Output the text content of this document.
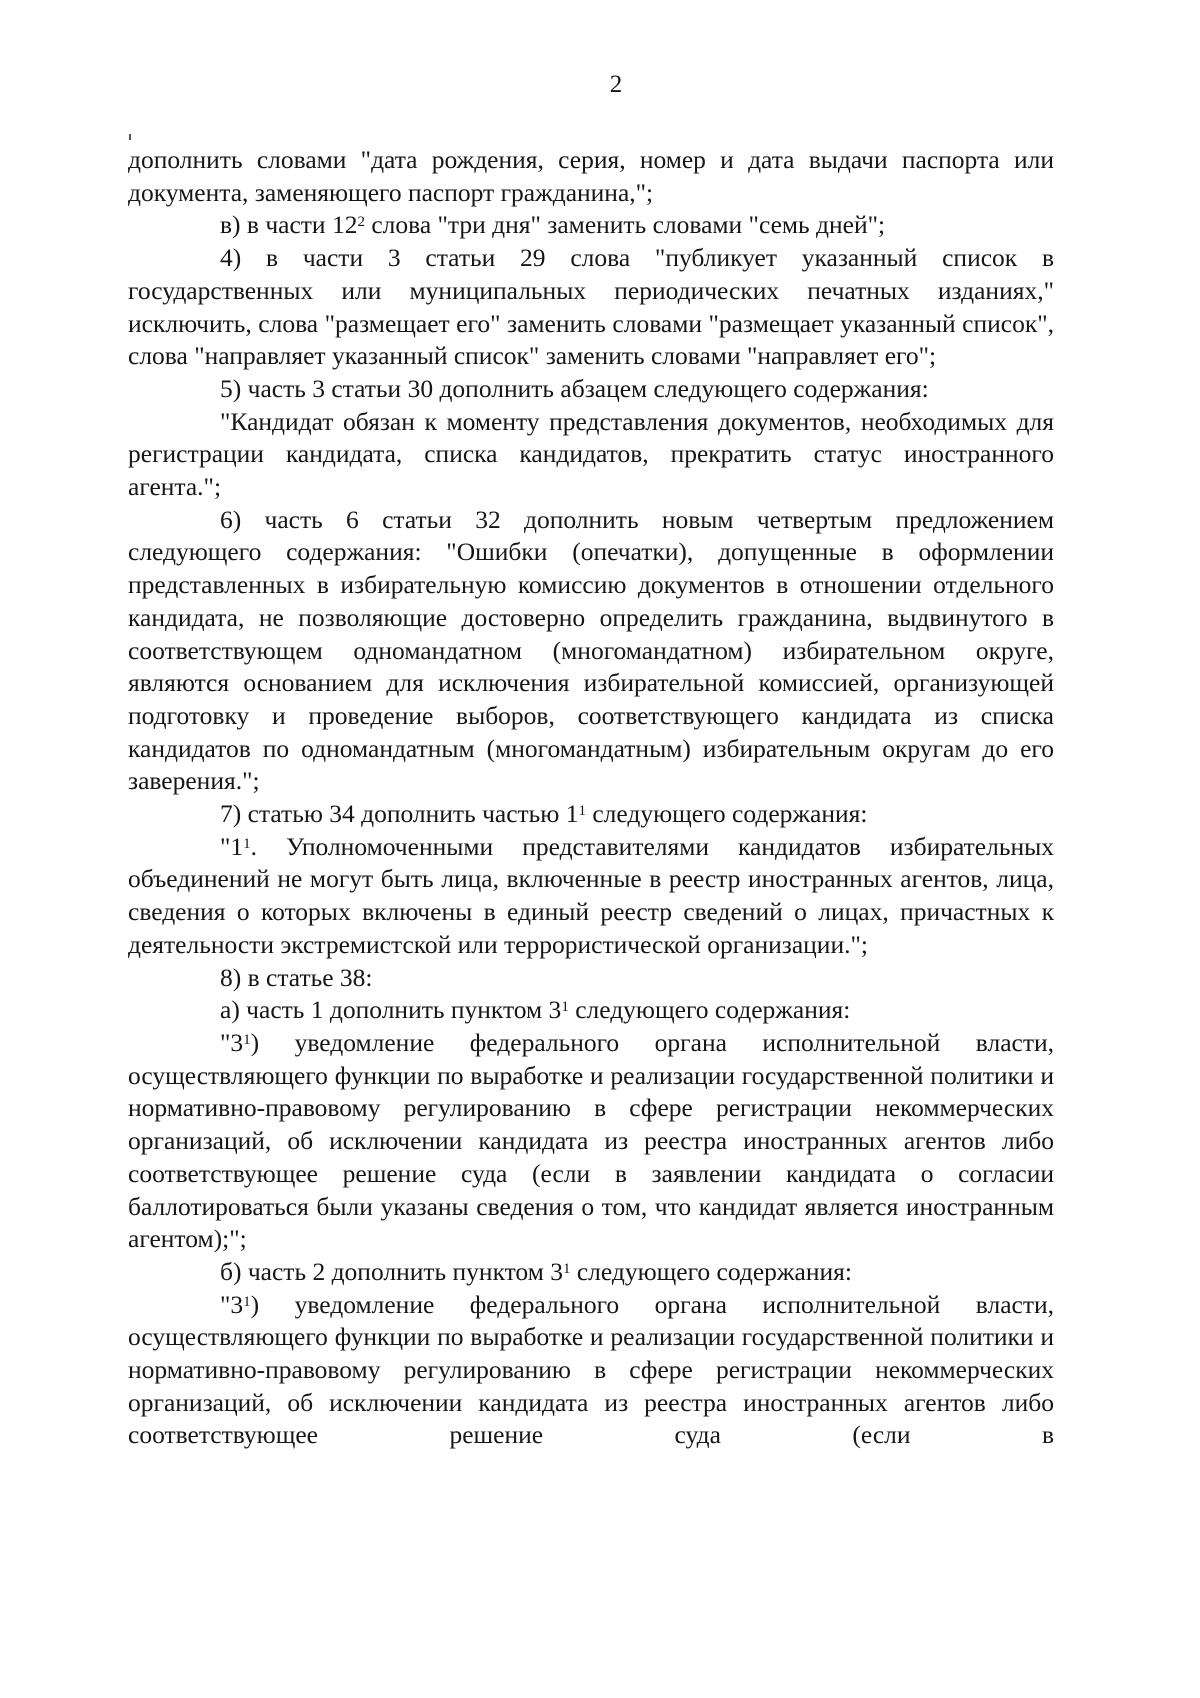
2

дополнить словами "дата рождения, серия, номер и дата выдачи паспорта или документа, заменяющего паспорт гражданина,";

в) в части $12^2$ слова "три дня" заменить словами "семь дней";

4) в части 3 статьи 29 слова "публикует указанный список в государственных или муниципальных периодических печатных изданиях," исключить, слова "размещает его" заменить словами "размещает указанный список", слова "направляет указанный список" заменить словами "направляет его";

5) часть 3 статьи 30 дополнить абзацем следующего содержания:

"Кандидат обязан к моменту представления документов, необходимых для регистрации кандидата, списка кандидатов, прекратить статус иностранного агента.";

6) часть 6 статьи 32 дополнить новым четвертым предложением следующего содержания: "Ошибки (опечатки), допущенные в оформлении представленных в избирательную комиссию документов в отношении отдельного кандидата, не позволяющие достоверно определить гражданина, выдвинутого в соответствующем одномандатном (многомандатном) избирательном округе, являются основанием для исключения избирательной комиссией, организующей подготовку и проведение выборов, соответствующего кандидата из списка кандидатов по одномандатным (многомандатным) избирательным округам до его заверения.";

7) статью 34 дополнить частью $1^1$ следующего содержания:

"$1^1$. Уполномоченными представителями кандидатов избирательных объединений не могут быть лица, включенные в реестр иностранных агентов, лица, сведения о которых включены в единый реестр сведений о лицах, причастных к деятельности экстремистской или террористической организации.";

8) в статье 38:

а) часть 1 дополнить пунктом $3^1$ следующего содержания:

"$3^1$) уведомление федерального органа исполнительной власти, осуществляющего функции по выработке и реализации государственной политики и нормативно-правовому регулированию в сфере регистрации некоммерческих организаций, об исключении кандидата из реестра иностранных агентов либо соответствующее решение суда (если в заявлении кандидата о согласии баллотироваться были указаны сведения о том, что кандидат является иностранным агентом);";

б) часть 2 дополнить пунктом $3^1$ следующего содержания:

"$3^1$) уведомление федерального органа исполнительной власти, осуществляющего функции по выработке и реализации государственной политики и нормативно-правовому регулированию в сфере регистрации некоммерческих организаций, об исключении кандидата из реестра иностранных агентов либо соответствующее решение суда (если в
